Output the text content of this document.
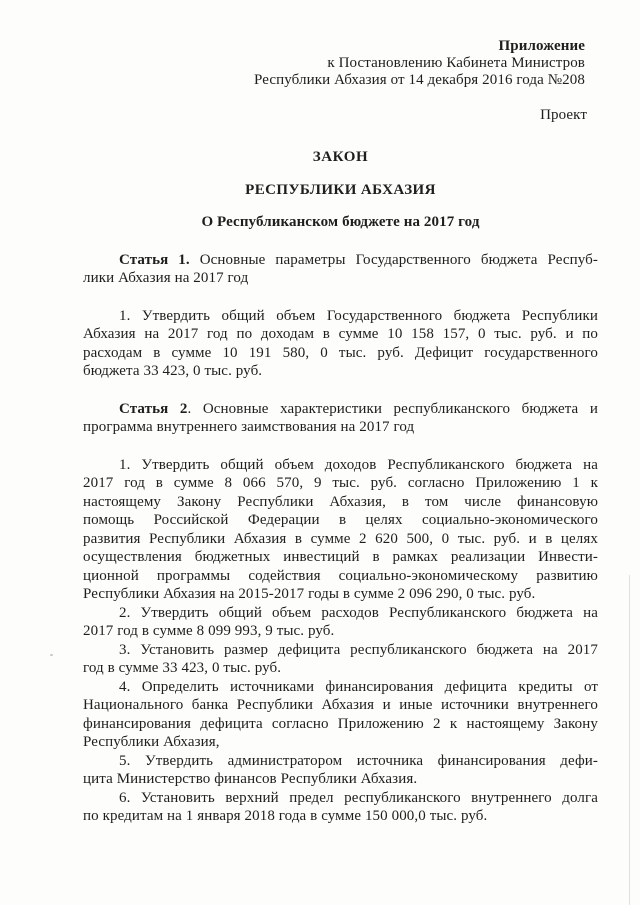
Приложение
к Постановлению Кабинета Министров
Республики Абхазия от 14 декабря 2016 года №208
Проект
ЗАКОН
РЕСПУБЛИКИ АБХАЗИЯ
О Республиканском бюджете на 2017 год
Статья 1. Основные параметры Государственного бюджета Респуб-
лики Абхазия на 2017 год
1. Утвердить общий объем Государственного бюджета Республики
Абхазия на 2017 год по доходам в сумме 10 158 157, 0 тыс. руб. и по
расходам в сумме 10 191 580, 0 тыс. руб. Дефицит государственного
бюджета 33 423, 0 тыс. руб.
Статья 2. Основные характеристики республиканского бюджета и
программа внутреннего заимствования на 2017 год
1. Утвердить общий объем доходов Республиканского бюджета на
2017 год в сумме 8 066 570, 9 тыс. руб. согласно Приложению 1 к
настоящему Закону Республики Абхазия, в том числе финансовую
помощь Российской Федерации в целях социально-экономического
развития Республики Абхазия в сумме 2 620 500, 0 тыс. руб. и в целях
осуществления бюджетных инвестиций в рамках реализации Инвести-
ционной программы содействия социально-экономическому развитию
Республики Абхазия на 2015-2017 годы в сумме 2 096 290, 0 тыс. руб.
2. Утвердить общий объем расходов Республиканского бюджета на
2017 год в сумме 8 099 993, 9 тыс. руб.
3. Установить размер дефицита республиканского бюджета на 2017
год в сумме 33 423, 0 тыс. руб.
4. Определить источниками финансирования дефицита кредиты от
Национального банка Республики Абхазия и иные источники внутреннего
финансирования дефицита согласно Приложению 2 к настоящему Закону
Республики Абхазия,
5. Утвердить администратором источника финансирования дефи-
цита Министерство финансов Республики Абхазия.
6. Установить верхний предел республиканского внутреннего долга
по кредитам на 1 января 2018 года в сумме 150 000,0 тыс. руб.
